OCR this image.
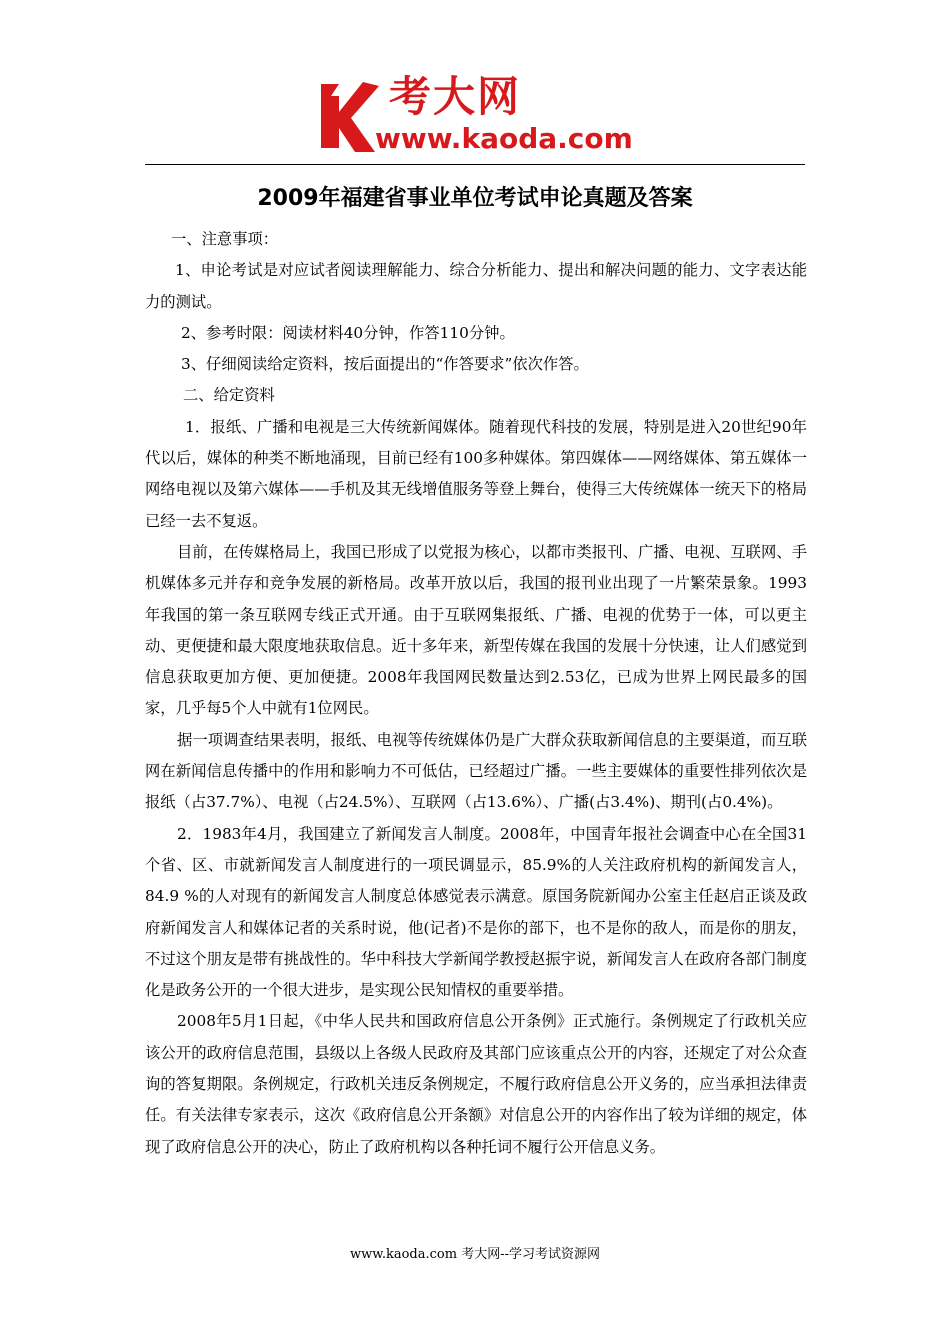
考大网
www.kaoda.com
2009年福建省事业单位考试申论真题及答案

一、注意事项：

1、申论考试是对应试者阅读理解能力、综合分析能力、提出和解决问题的能力、文字表达能力的测试。

2、参考时限：阅读材料40分钟，作答110分钟。

3、仔细阅读给定资料，按后面提出的“作答要求”依次作答。

二、给定资料

1．报纸、广播和电视是三大传统新闻媒体。随着现代科技的发展，特别是进入20世纪90年代以后，媒体的种类不断地涌现，目前已经有100多种媒体。第四媒体——网络媒体、第五媒体一网络电视以及第六媒体——手机及其无线增值服务等登上舞台，使得三大传统媒体一统天下的格局已经一去不复返。

目前，在传媒格局上，我国已形成了以党报为核心，以都市类报刊、广播、电视、互联网、手机媒体多元并存和竞争发展的新格局。改革开放以后，我国的报刊业出现了一片繁荣景象。1993年我国的第一条互联网专线正式开通。由于互联网集报纸、广播、电视的优势于一体，可以更主动、更便捷和最大限度地获取信息。近十多年来，新型传媒在我国的发展十分快速，让人们感觉到信息获取更加方便、更加便捷。2008年我国网民数量达到2.53亿，已成为世界上网民最多的国家，几乎每5个人中就有1位网民。

据一项调查结果表明，报纸、电视等传统媒体仍是广大群众获取新闻信息的主要渠道，而互联网在新闻信息传播中的作用和影响力不可低估，已经超过广播。一些主要媒体的重要性排列依次是报纸（占37.7%）、电视（占24.5%）、互联网（占13.6%）、广播(占3.4%)、期刊(占0.4%)。

2．1983年4月，我国建立了新闻发言人制度。2008年，中国青年报社会调查中心在全国31个省、区、市就新闻发言人制度进行的一项民调显示，85.9%的人关注政府机构的新闻发言人，84.9 %的人对现有的新闻发言人制度总体感觉表示满意。原国务院新闻办公室主任赵启正谈及政府新闻发言人和媒体记者的关系时说，他(记者)不是你的部下，也不是你的敌人，而是你的朋友，不过这个朋友是带有挑战性的。华中科技大学新闻学教授赵振宇说，新闻发言人在政府各部门制度化是政务公开的一个很大进步，是实现公民知情权的重要举措。

2008年5月1日起，《中华人民共和国政府信息公开条例》正式施行。条例规定了行政机关应该公开的政府信息范围，县级以上各级人民政府及其部门应该重点公开的内容，还规定了对公众查询的答复期限。条例规定，行政机关违反条例规定，不履行政府信息公开义务的，应当承担法律责任。有关法律专家表示，这次《政府信息公开条额》对信息公开的内容作出了较为详细的规定，体现了政府信息公开的决心，防止了政府机构以各种托词不履行公开信息义务。

www.kaoda.com 考大网--学习考试资源网
